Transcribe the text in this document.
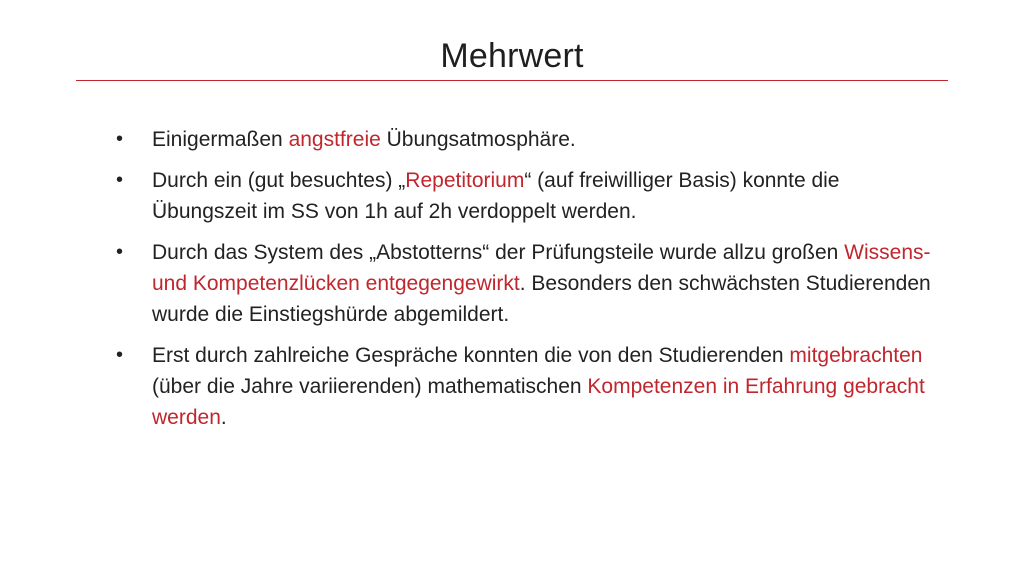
Mehrwert
• Einigermaßen angstfreie Übungsatmosphäre.
• Durch ein (gut besuchtes) „Repetitorium“ (auf freiwilliger Basis) konnte die Übungszeit im SS von 1h auf 2h verdoppelt werden.
• Durch das System des „Abstotterns“ der Prüfungsteile wurde allzu großen Wissens- und Kompetenzlücken entgegengewirkt. Besonders den schwächsten Studierenden wurde die Einstiegshürde abgemildert.
• Erst durch zahlreiche Gespräche konnten die von den Studierenden mitgebrachten (über die Jahre variierenden) mathematischen Kompetenzen in Erfahrung gebracht werden.
